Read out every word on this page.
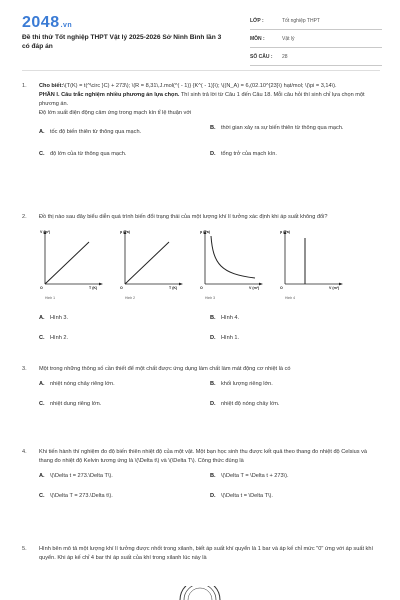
2048.vn
Đề thi thử Tốt nghiệp THPT Vật lý 2025-2026 Sở Ninh Bình lần 3 có đáp án
LỚP :	Tốt nghiệp THPT
MÔN :	Vật lý
SỐ CÂU :	28
1. Cho biết:\(T(K) = t(^\circ }C) + 273\); \(R = 8,31\,J.mol(^( - 1)} {K^( - 1)}\); \((N_A) = 6,(02.10^{23}\) hạt/mol; \(\pi = 3,14\).
PHẦN I. Câu trắc nghiệm nhiều phương án lựa chọn. Thí sinh trả lời từ Câu 1 đến Câu 18. Mỗi câu hỏi thí sinh chỉ lựa chọn một phương án.
Độ lớn suất điện động cảm ứng trong mạch kín tỉ lệ thuận với
A. tốc độ biến thiên từ thông qua mạch.
B. thời gian xảy ra sự biến thiên từ thông qua mạch.
C. độ lớn của từ thông qua mạch.	D. tổng trở của mạch kín.
2. Đồ thị nào sau đây biểu diễn quá trình biến đổi trạng thái của một lượng khí lí tưởng xác định khi áp suất không đổi?
V (m³)
O	T (K)
Hình 1
p (Pa)
O	T (K)
Hình 2
p (Pa)
O	V (m³)
Hình 3
p (Pa)
O	V (m³)
Hình 4
A. Hình 3.	B. Hình 4.
C. Hình 2.	D. Hình 1.
3. Một trong những thông số cần thiết để một chất được ứng dụng làm chất làm mát động cơ nhiệt là có
A. nhiệt nóng chảy riêng lớn.	B. khối lượng riêng lớn.
C. nhiệt dung riêng lớn.	D. nhiệt độ nóng chảy lớn.
4. Khi tiến hành thí nghiệm đo độ biến thiên nhiệt độ của một vật. Một bạn học sinh thu được kết quả theo thang đo nhiệt độ Celsius và thang đo nhiệt độ Kelvin tương ứng là \(\Delta t\) và \(\Delta T\). Công thức đúng là
A. \(\Delta t = 273.\Delta T\).	B. \(\Delta T = \Delta t + 273\).
C. \(\Delta T = 273.\Delta t\).	D. \(\Delta t = \Delta T\).
5. Hình bên mô tả một lượng khí lí tưởng được nhốt trong xilanh, biết áp suất khí quyển là 1 bar và áp kế chỉ mức "0" ứng với áp suất khí quyển. Khi áp kế chỉ 4 bar thì áp suất của khí trong xilanh lúc này là
